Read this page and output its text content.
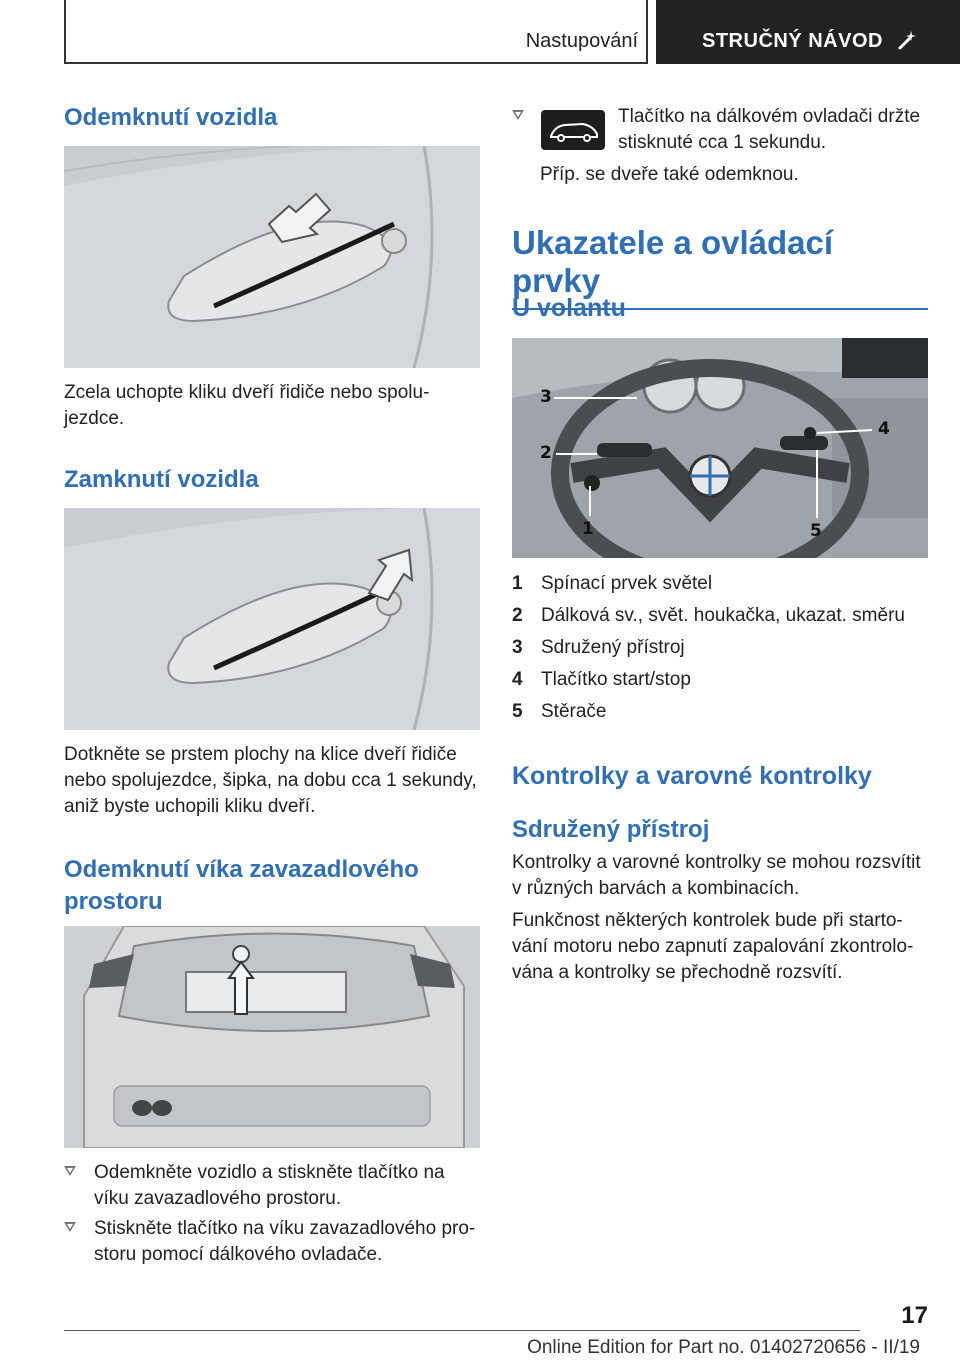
Nastupování	STRUČNÝ NÁVOD
Odemknutí vozidla
Zcela uchopte kliku dveří řidiče nebo spolu‐
jezdce.
Zamknutí vozidla
Dotkněte se prstem plochy na klice dveří řidiče
nebo spolujezdce, šipka, na dobu cca 1 sekundy,
aniž byste uchopili kliku dveří.
Odemknutí víka zavazadlového
prostoru
Odemkněte vozidlo a stiskněte tlačítko na
víku zavazadlového prostoru.
Stiskněte tlačítko na víku zavazadlového pro‐
storu pomocí dálkového ovladače.
Tlačítko na dálkovém ovladači držte
stisknuté cca 1 sekundu.
Příp. se dveře také odemknou.
Ukazatele a ovládací prvky
U volantu
3
2
1
4
5
1 Spínací prvek světel
2 Dálková sv., svět. houkačka, ukazat. směru
3 Sdružený přístroj
4 Tlačítko start/stop
5 Stěrače
Kontrolky a varovné kontrolky
Sdružený přístroj
Kontrolky a varovné kontrolky se mohou rozsvítit
v různých barvách a kombinacích.
Funkčnost některých kontrolek bude při starto‐
vání motoru nebo zapnutí zapalování zkontrolo‐
vána a kontrolky se přechodně rozsvítí.
17
Online Edition for Part no. 01402720656 - II/19
